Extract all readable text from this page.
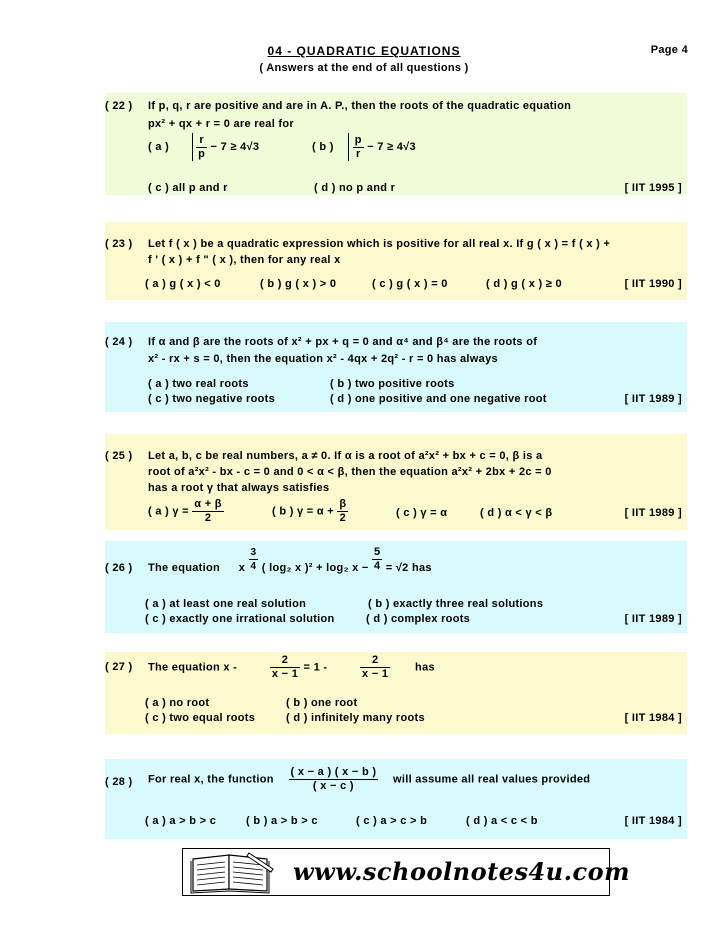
04 - QUADRATIC EQUATIONS	Page 4
( Answers at the end of all questions )
( 22 ) If p, q, r are positive and are in A. P., then the roots of the quadratic equation
px² + qx + r = 0 are real for
( a ) $\frac{r}{p} - 7 \ge 4√3$	( b ) $\frac{p}{r} - 7 \ge 4√3$
( c ) all p and r	( d ) no p and r	[ IIT 1995 ]
( 23 ) Let f ( x ) be a quadratic expression which is positive for all real x. If g ( x ) = f ( x ) +
f ' ( x ) + f " ( x ), then for any real x
( a ) g ( x ) < 0	( b ) g ( x ) > 0	( c ) g ( x ) = 0	( d ) g ( x ) ≥ 0	[ IIT 1990 ]
( 24 ) If α and β are the roots of x² + px + q = 0 and α⁴ and β⁴ are the roots of
x² - rx + s = 0, then the equation x² - 4qx + 2q² - r = 0 has always
( a ) two real roots	( b ) two positive roots
( c ) two negative roots	( d ) one positive and one negative root	[ IIT 1989 ]
( 25 ) Let a, b, c be real numbers, a ≠ 0. If α is a root of a²x² + bx + c = 0, β is a
root of a²x² - bx - c = 0 and 0 < α < β, then the equation a²x² + 2bx + 2c = 0
has a root γ that always satisfies
( a ) $\gamma = \frac{\alpha + \beta}{2}$	( b ) $\gamma = \alpha + \frac{\beta}{2}$	( c ) γ = α	( d ) α < γ < β	[ IIT 1989 ]
( 26 ) The equation x $\frac{3}{4}$ ( log₂ x )² + log₂ $x - \frac{5}{4} = √2$ has
( a ) at least one real solution	( b ) exactly three real solutions
( c ) exactly one irrational solution	( d ) complex roots	[ IIT 1989 ]
( 27 ) The equation x -	$\frac{2}{x - 1} = 1$ -	$\frac{2}{x - 1}$ has
( a ) no root	( b ) one root
( c ) two equal roots	( d ) infinitely many roots	[ IIT 1984 ]
( 28 ) For real x, the function $\frac{( x - a ) ( x - b )}{( x - c )}$ will assume all real values provided
( a ) a > b > c	( b ) a > b > c	( c ) a > c > b	( d ) a < c < b	[ IIT 1984 ]
www.schoolnotes4u.com
